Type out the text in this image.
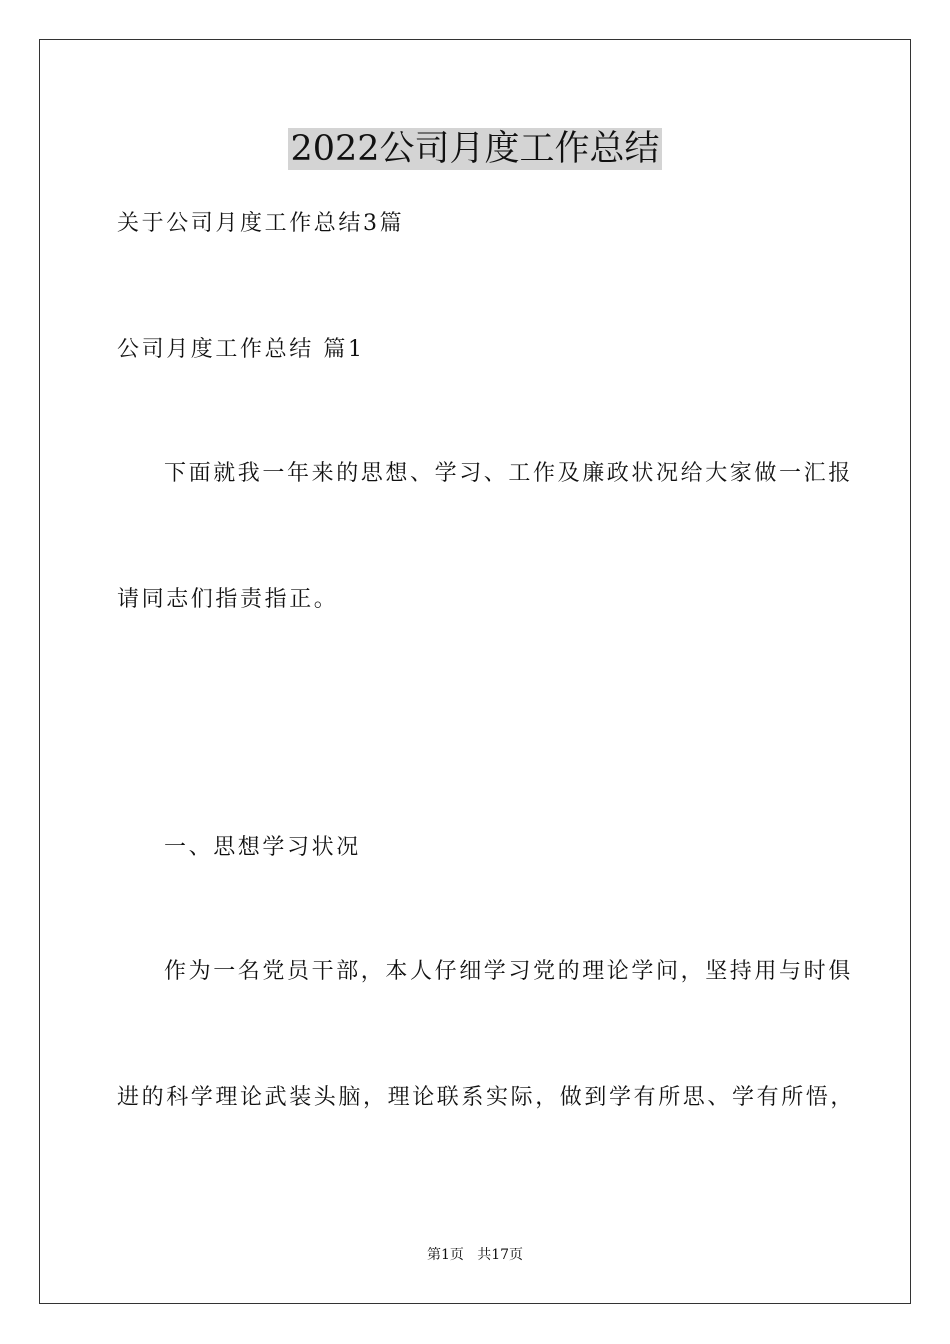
2022公司月度工作总结
关于公司月度工作总结3篇
公司月度工作总结 篇1
下面就我一年来的思想、学习、工作及廉政状况给大家做一汇报
请同志们指责指正。
一、思想学习状况
作为一名党员干部，本人仔细学习党的理论学问，坚持用与时俱
进的科学理论武装头脑，理论联系实际，做到学有所思、学有所悟，
第1页   共17页
